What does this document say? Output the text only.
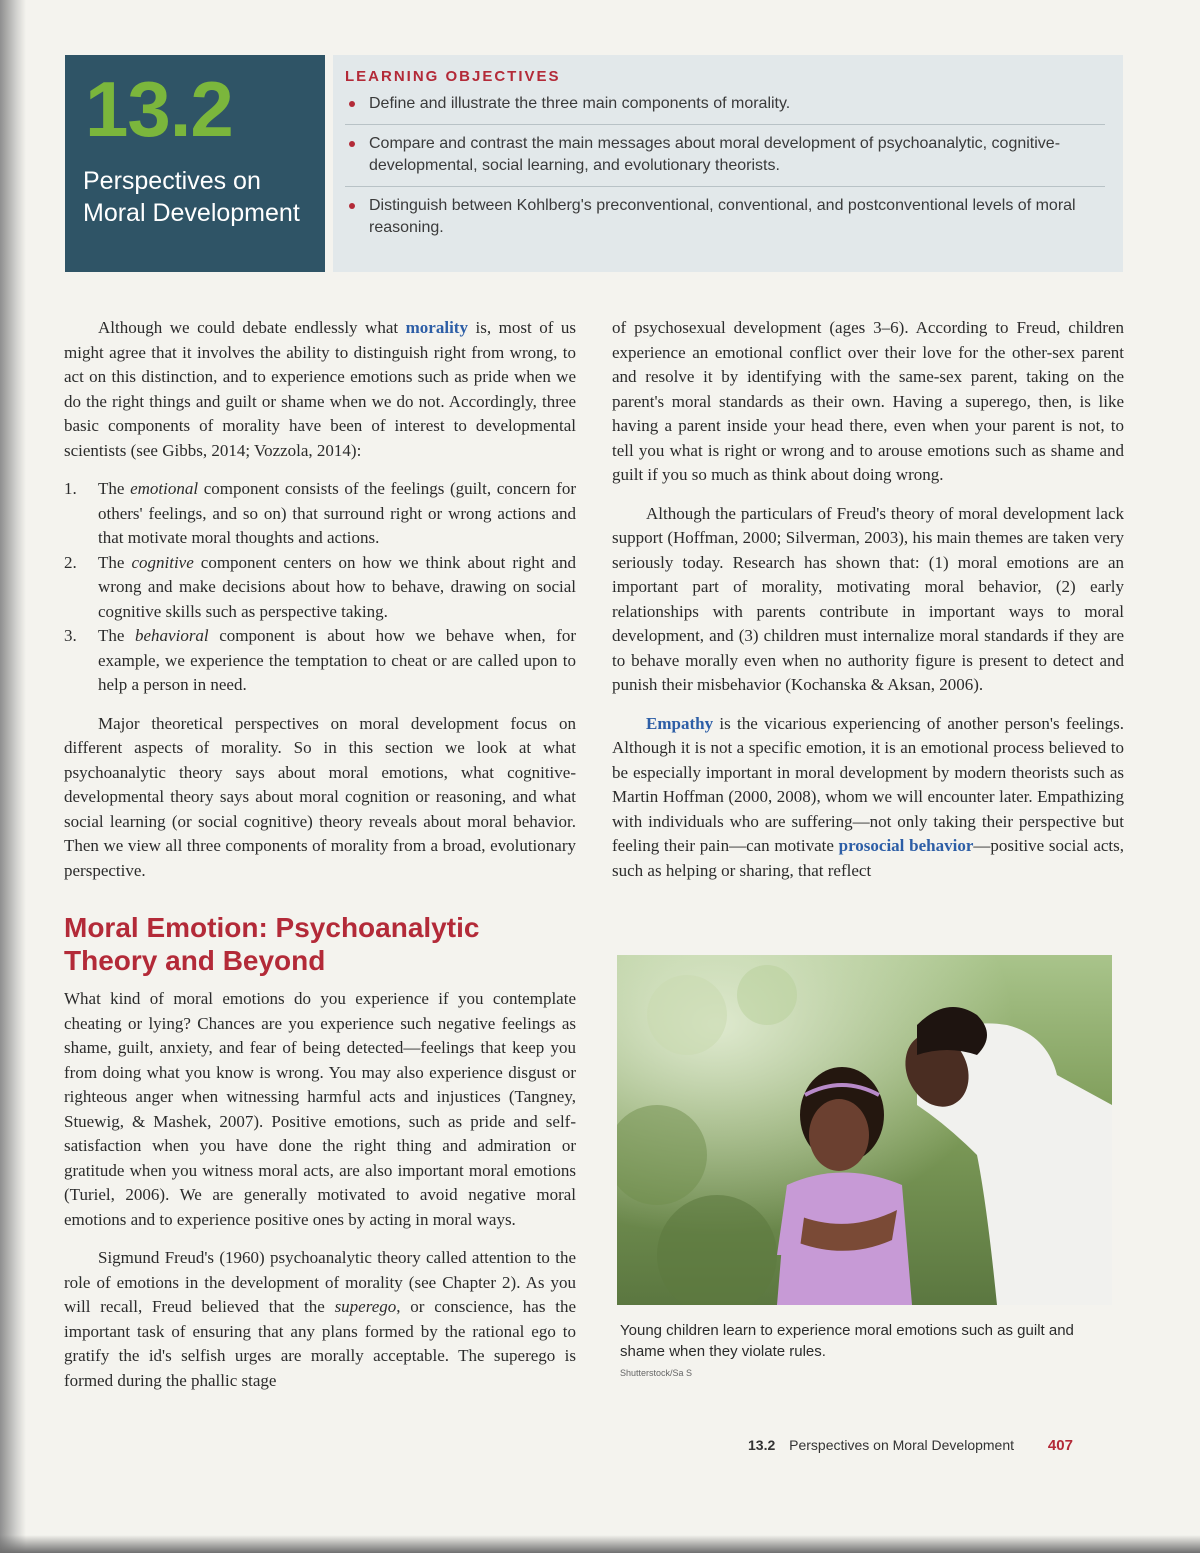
13.2
Perspectives on Moral Development
LEARNING OBJECTIVES
Define and illustrate the three main components of morality.
Compare and contrast the main messages about moral development of psychoanalytic, cognitive-developmental, social learning, and evolutionary theorists.
Distinguish between Kohlberg's preconventional, conventional, and postconventional levels of moral reasoning.

Although we could debate endlessly what morality is, most of us might agree that it involves the ability to distinguish right from wrong, to act on this distinction, and to experience emotions such as pride when we do the right things and guilt or shame when we do not. Accordingly, three basic components of morality have been of interest to developmental scientists (see Gibbs, 2014; Vozzola, 2014):

1. The emotional component consists of the feelings (guilt, concern for others' feelings, and so on) that surround right or wrong actions and that motivate moral thoughts and actions.
2. The cognitive component centers on how we think about right and wrong and make decisions about how to behave, drawing on social cognitive skills such as perspective taking.
3. The behavioral component is about how we behave when, for example, we experience the temptation to cheat or are called upon to help a person in need.

Major theoretical perspectives on moral development focus on different aspects of morality. So in this section we look at what psychoanalytic theory says about moral emotions, what cognitive-developmental theory says about moral cognition or reasoning, and what social learning (or social cognitive) theory reveals about moral behavior. Then we view all three components of morality from a broad, evolutionary perspective.

Moral Emotion: Psychoanalytic Theory and Beyond

What kind of moral emotions do you experience if you contemplate cheating or lying? Chances are you experience such negative feelings as shame, guilt, anxiety, and fear of being detected—feelings that keep you from doing what you know is wrong. You may also experience disgust or righteous anger when witnessing harmful acts and injustices (Tangney, Stuewig, & Mashek, 2007). Positive emotions, such as pride and self-satisfaction when you have done the right thing and admiration or gratitude when you witness moral acts, are also important moral emotions (Turiel, 2006). We are generally motivated to avoid negative moral emotions and to experience positive ones by acting in moral ways.

Sigmund Freud's (1960) psychoanalytic theory called attention to the role of emotions in the development of morality (see Chapter 2). As you will recall, Freud believed that the superego, or conscience, has the important task of ensuring that any plans formed by the rational ego to gratify the id's selfish urges are morally acceptable. The superego is formed during the phallic stage

of psychosexual development (ages 3–6). According to Freud, children experience an emotional conflict over their love for the other-sex parent and resolve it by identifying with the same-sex parent, taking on the parent's moral standards as their own. Having a superego, then, is like having a parent inside your head there, even when your parent is not, to tell you what is right or wrong and to arouse emotions such as shame and guilt if you so much as think about doing wrong.

Although the particulars of Freud's theory of moral development lack support (Hoffman, 2000; Silverman, 2003), his main themes are taken very seriously today. Research has shown that: (1) moral emotions are an important part of morality, motivating moral behavior, (2) early relationships with parents contribute in important ways to moral development, and (3) children must internalize moral standards if they are to behave morally even when no authority figure is present to detect and punish their misbehavior (Kochanska & Aksan, 2006).

Empathy is the vicarious experiencing of another person's feelings. Although it is not a specific emotion, it is an emotional process believed to be especially important in moral development by modern theorists such as Martin Hoffman (2000, 2008), whom we will encounter later. Empathizing with individuals who are suffering—not only taking their perspective but feeling their pain—can motivate prosocial behavior—positive social acts, such as helping or sharing, that reflect

Young children learn to experience moral emotions such as guilt and shame when they violate rules.
Shutterstock/Sa S
13.2 Perspectives on Moral Development 407
